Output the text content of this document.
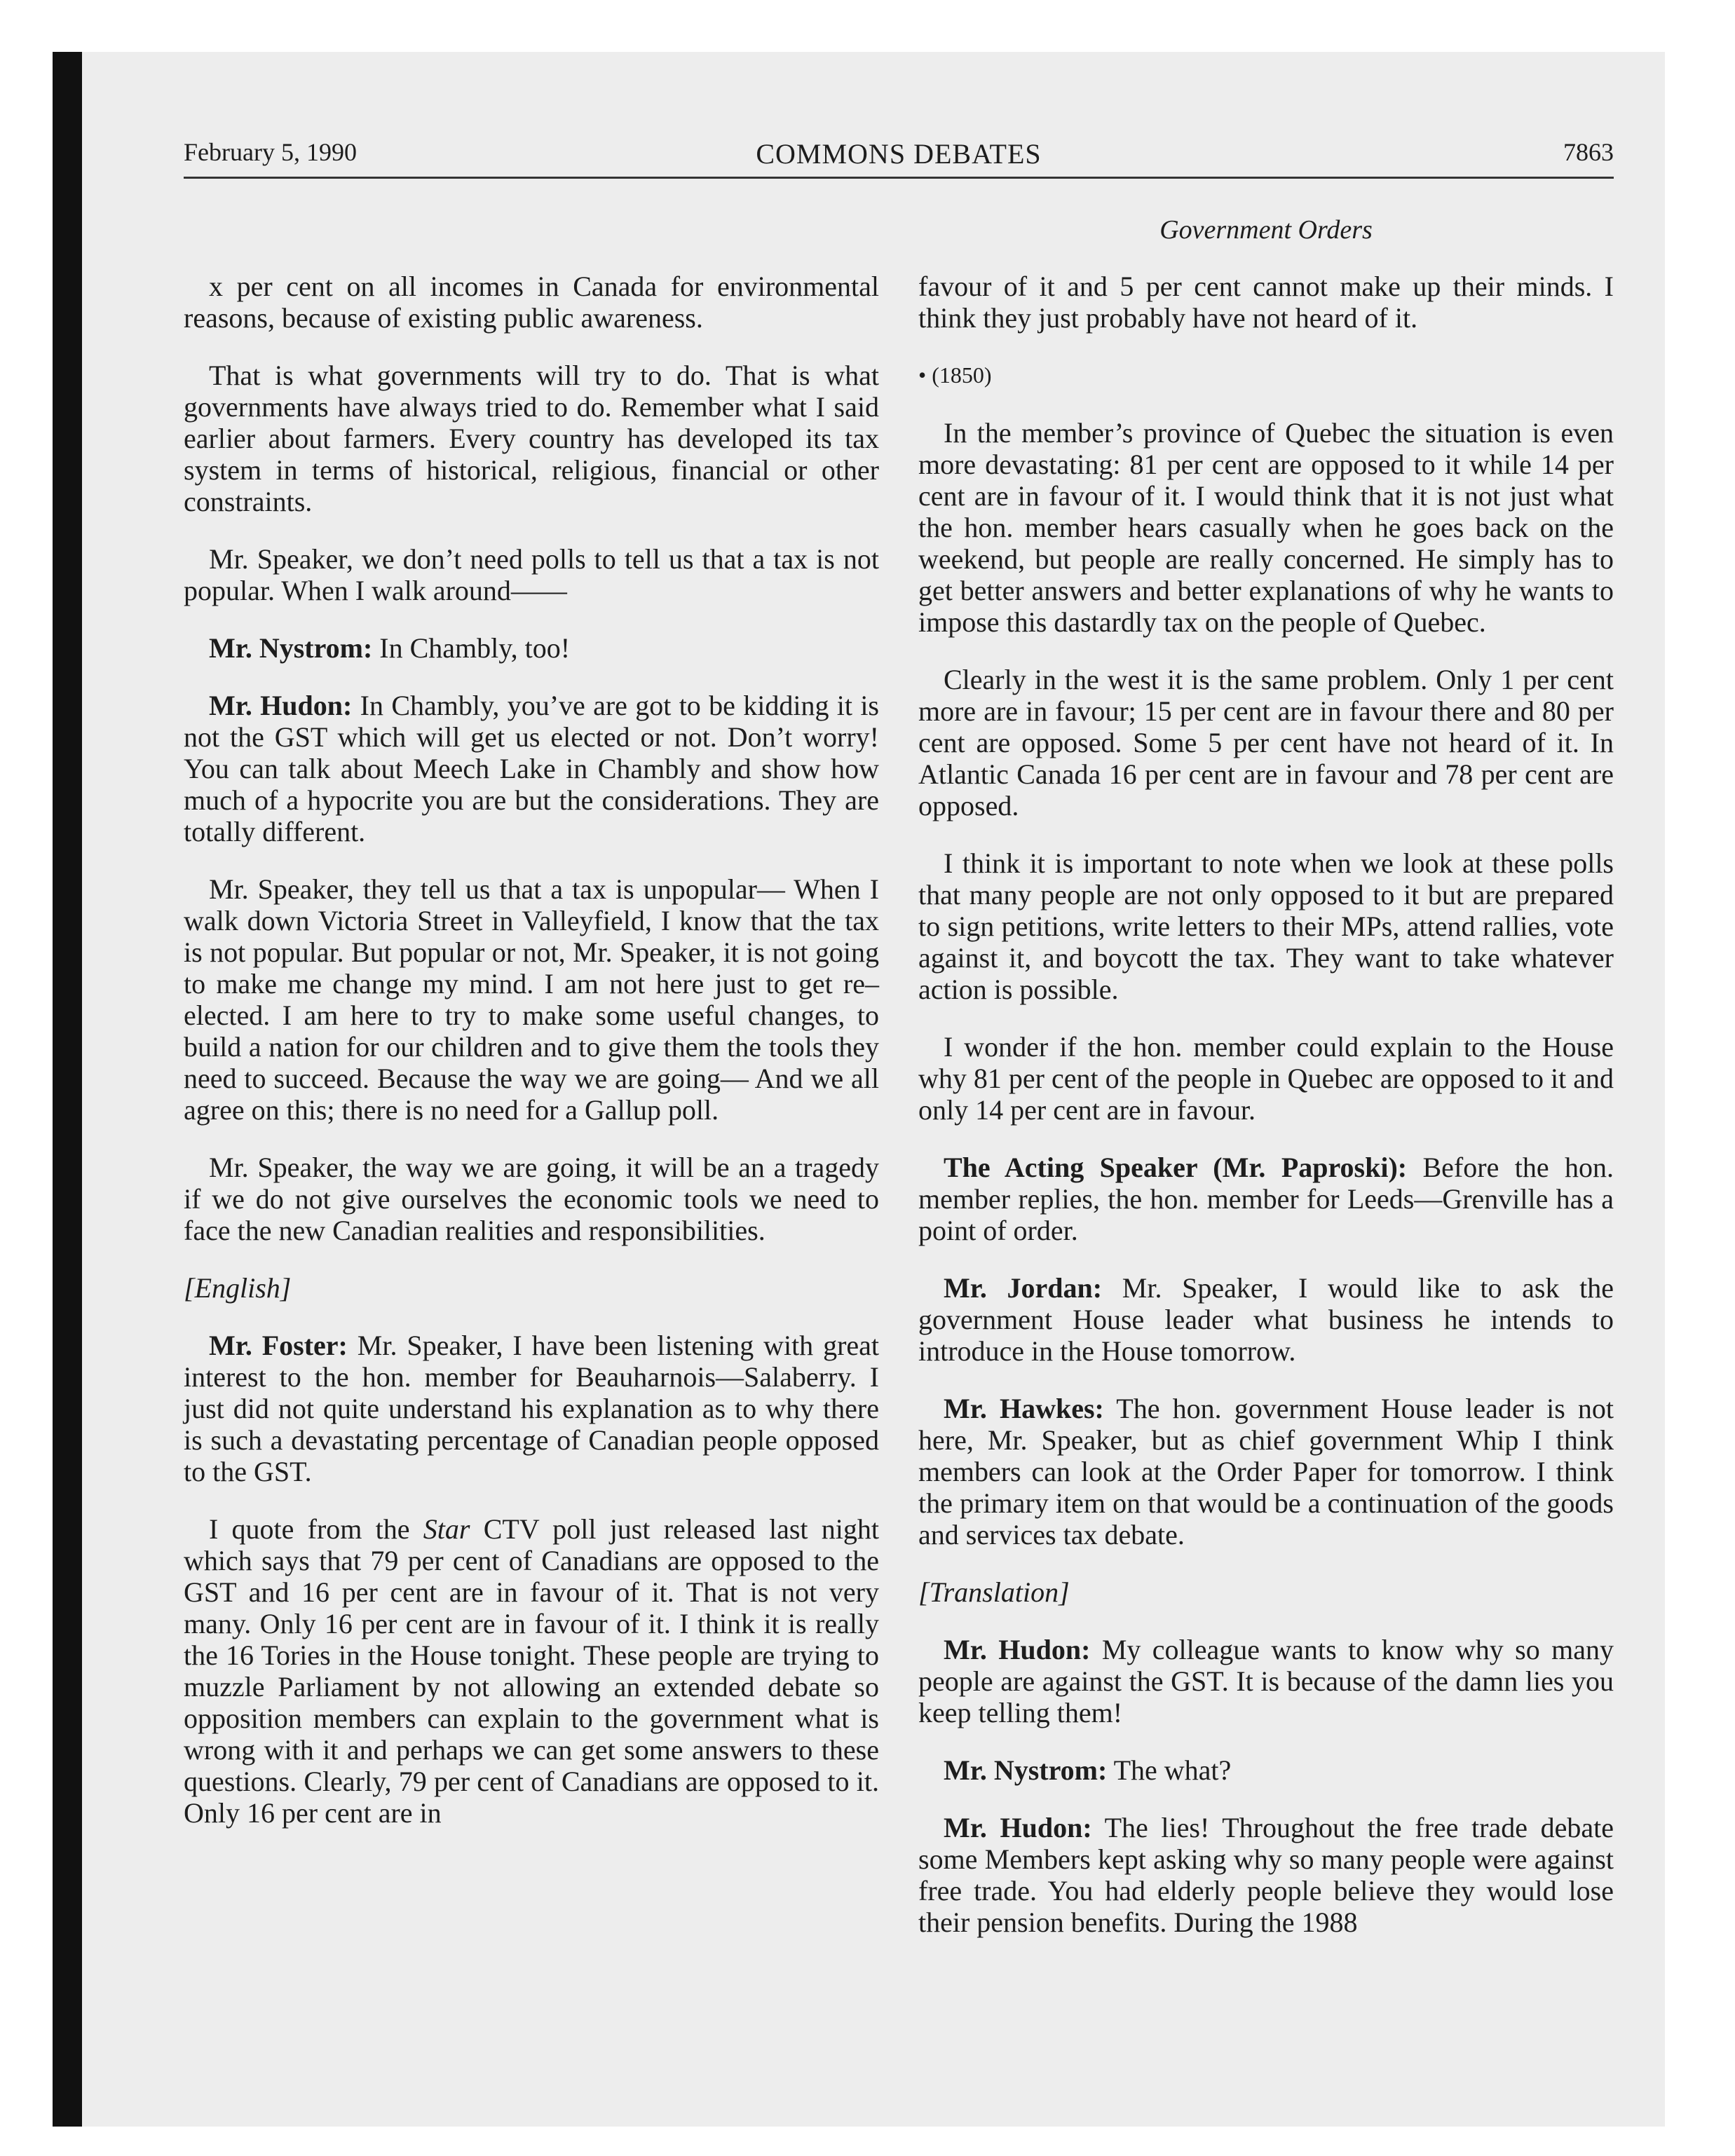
February 5, 1990	COMMONS DEBATES	7863
Government Orders

x per cent on all incomes in Canada for environmental reasons, because of existing public awareness.

That is what governments will try to do. That is what governments have always tried to do. Remember what I said earlier about farmers. Every country has developed its tax system in terms of historical, religious, financial or other constraints.

Mr. Speaker, we don’t need polls to tell us that a tax is not popular. When I walk around——

Mr. Nystrom: In Chambly, too!

Mr. Hudon: In Chambly, you’ve are got to be kidding it is not the GST which will get us elected or not. Don’t worry! You can talk about Meech Lake in Chambly and show how much of a hypocrite you are but the considerations. They are totally different.

Mr. Speaker, they tell us that a tax is unpopular— When I walk down Victoria Street in Valleyfield, I know that the tax is not popular. But popular or not, Mr. Speaker, it is not going to make me change my mind. I am not here just to get re–elected. I am here to try to make some useful changes, to build a nation for our children and to give them the tools they need to succeed. Because the way we are going— And we all agree on this; there is no need for a Gallup poll.

Mr. Speaker, the way we are going, it will be an a tragedy if we do not give ourselves the economic tools we need to face the new Canadian realities and responsibilities.

[English]

Mr. Foster: Mr. Speaker, I have been listening with great interest to the hon. member for Beauharnois—Salaberry. I just did not quite understand his explanation as to why there is such a devastating percentage of Canadian people opposed to the GST.

I quote from the Star CTV poll just released last night which says that 79 per cent of Canadians are opposed to the GST and 16 per cent are in favour of it. That is not very many. Only 16 per cent are in favour of it. I think it is really the 16 Tories in the House tonight. These people are trying to muzzle Parliament by not allowing an extended debate so opposition members can explain to the government what is wrong with it and perhaps we can get some answers to these questions. Clearly, 79 per cent of Canadians are opposed to it. Only 16 per cent are in

favour of it and 5 per cent cannot make up their minds. I think they just probably have not heard of it.

• (1850)

In the member’s province of Quebec the situation is even more devastating: 81 per cent are opposed to it while 14 per cent are in favour of it. I would think that it is not just what the hon. member hears casually when he goes back on the weekend, but people are really concerned. He simply has to get better answers and better explanations of why he wants to impose this dastardly tax on the people of Quebec.

Clearly in the west it is the same problem. Only 1 per cent more are in favour; 15 per cent are in favour there and 80 per cent are opposed. Some 5 per cent have not heard of it. In Atlantic Canada 16 per cent are in favour and 78 per cent are opposed.

I think it is important to note when we look at these polls that many people are not only opposed to it but are prepared to sign petitions, write letters to their MPs, attend rallies, vote against it, and boycott the tax. They want to take whatever action is possible.

I wonder if the hon. member could explain to the House why 81 per cent of the people in Quebec are opposed to it and only 14 per cent are in favour.

The Acting Speaker (Mr. Paproski): Before the hon. member replies, the hon. member for Leeds—Grenville has a point of order.

Mr. Jordan: Mr. Speaker, I would like to ask the government House leader what business he intends to introduce in the House tomorrow.

Mr. Hawkes: The hon. government House leader is not here, Mr. Speaker, but as chief government Whip I think members can look at the Order Paper for tomorrow. I think the primary item on that would be a continuation of the goods and services tax debate.

[Translation]

Mr. Hudon: My colleague wants to know why so many people are against the GST. It is because of the damn lies you keep telling them!

Mr. Nystrom: The what?

Mr. Hudon: The lies! Throughout the free trade debate some Members kept asking why so many people were against free trade. You had elderly people believe they would lose their pension benefits. During the 1988
